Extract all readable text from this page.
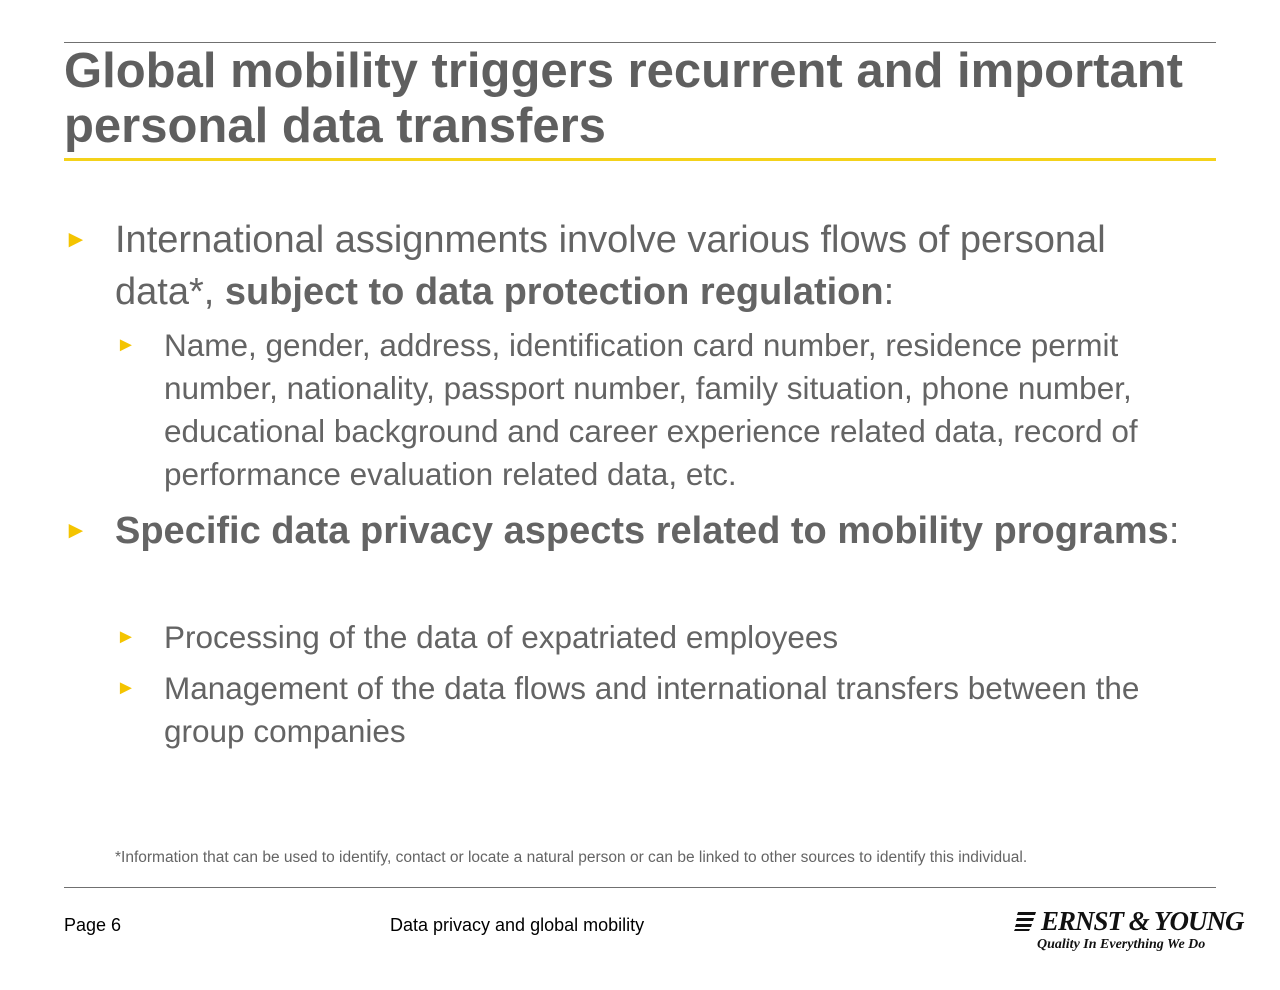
Global mobility triggers recurrent and important personal data transfers
► International assignments involve various flows of personal data*, subject to data protection regulation:
► Name, gender, address, identification card number, residence permit number, nationality, passport number, family situation, phone number, educational background and career experience related data, record of performance evaluation related data, etc.
► Specific data privacy aspects related to mobility programs:
► Processing of the data of expatriated employees
► Management of the data flows and international transfers between the group companies
*Information that can be used to identify, contact or locate a natural person or can be linked to other sources to identify this individual.
Page 6	Data privacy and global mobility	ERNST & YOUNG
Quality In Everything We Do
